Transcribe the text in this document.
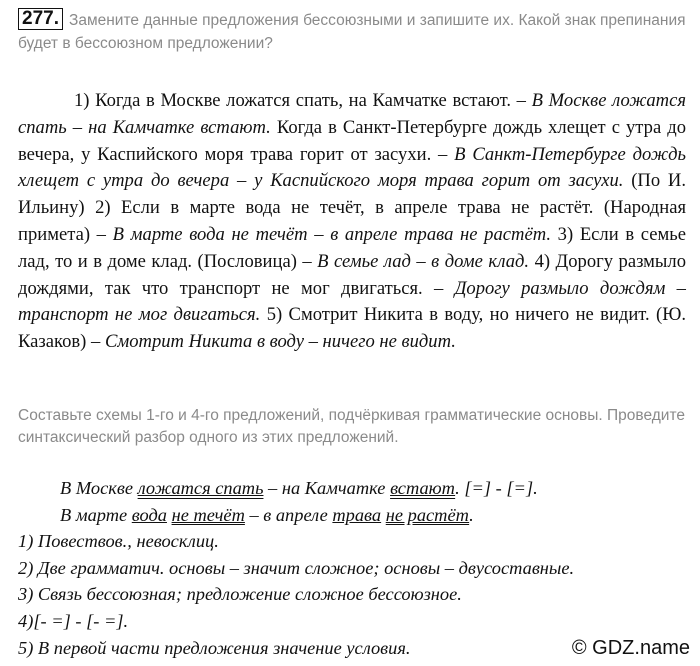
277. Замените данные предложения бессоюзными и запишите их. Какой знак препинания будет в бессоюзном предложении?
1) Когда в Москве ложатся спать, на Камчатке встают. – В Москве ложатся спать – на Камчатке встают. Когда в Санкт-Петербурге дождь хлещет с утра до вечера, у Каспийского моря трава горит от засухи. – В Санкт-Петербурге дождь хлещет с утра до вечера – у Каспийского моря трава горит от засухи. (По И. Ильину) 2) Если в марте вода не течёт, в апреле трава не растёт. (Народная примета) – В марте вода не течёт – в апреле трава не растёт. 3) Если в семье лад, то и в доме клад. (Пословица) – В семье лад – в доме клад. 4) Дорогу размыло дождями, так что транспорт не мог двигаться. – Дорогу размыло дождям – транспорт не мог двигаться. 5) Смотрит Никита в воду, но ничего не видит. (Ю. Казаков) – Смотрит Никита в воду – ничего не видит.
Составьте схемы 1-го и 4-го предложений, подчёркивая грамматические основы. Проведите синтаксический разбор одного из этих предложений.
В Москве ложатся спать – на Камчатке встают. [=] - [=].
В марте вода не течёт – в апреле трава не растёт.
1) Повествов., невосклиц.
2) Две грамматич. основы – значит сложное; основы – двусоставные.
3) Связь бессоюзная; предложение сложное бессоюзное.
4)[- =] - [- =].
5) В первой части предложения значение условия.	© GDZ.name
